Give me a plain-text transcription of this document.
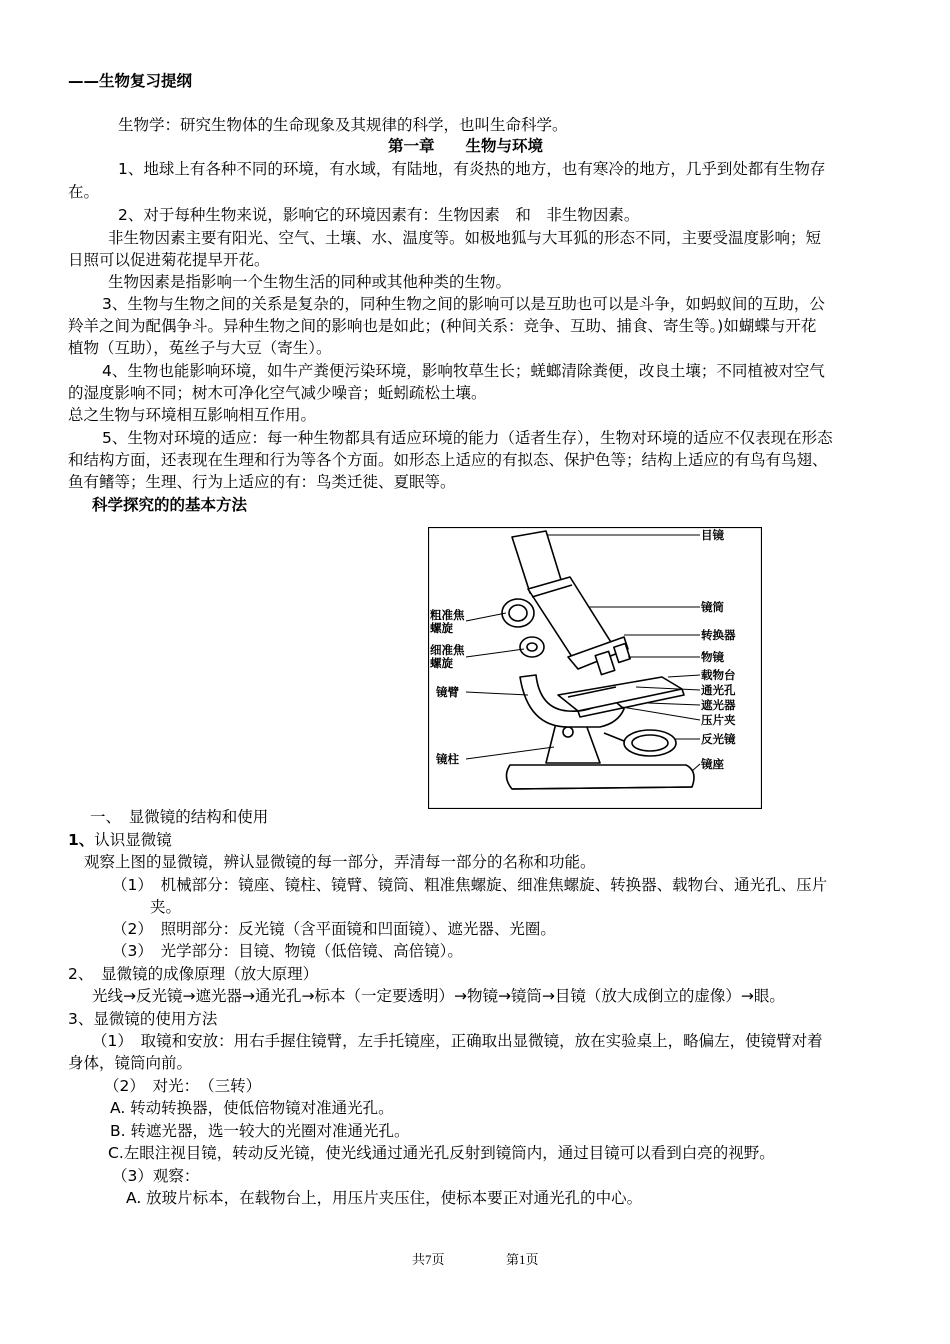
——生物复习提纲
生物学：研究生物体的生命现象及其规律的科学，也叫生命科学。
第一章　　生物与环境
1、地球上有各种不同的环境，有水域，有陆地，有炎热的地方，也有寒冷的地方，几乎到处都有生物存
在。
2、对于每种生物来说，影响它的环境因素有：生物因素　和　非生物因素。
非生物因素主要有阳光、空气、土壤、水、温度等。如极地狐与大耳狐的形态不同，主要受温度影响；短
日照可以促进菊花提早开花。
生物因素是指影响一个生物生活的同种或其他种类的生物。
3、生物与生物之间的关系是复杂的，同种生物之间的影响可以是互助也可以是斗争，如蚂蚁间的互助，公
羚羊之间为配偶争斗。异种生物之间的影响也是如此；(种间关系：竞争、互助、捕食、寄生等。)如蝴蝶与开花
植物（互助），菟丝子与大豆（寄生）。
4、生物也能影响环境，如牛产粪便污染环境，影响牧草生长；蜣螂清除粪便，改良土壤；不同植被对空气
的湿度影响不同；树木可净化空气减少噪音；蚯蚓疏松土壤。
总之生物与环境相互影响相互作用。
5、生物对环境的适应：每一种生物都具有适应环境的能力（适者生存），生物对环境的适应不仅表现在形态
和结构方面，还表现在生理和行为等各个方面。如形态上适应的有拟态、保护色等；结构上适应的有鸟有鸟翅、
鱼有鳍等；生理、行为上适应的有：鸟类迁徙、夏眠等。
科学探究的的基本方法
目镜
镜筒
转换器
物镜
载物台
通光孔
遮光器
压片夹
反光镜
镜座
粗准焦
螺旋
细准焦
螺旋
镜臂
镜柱
一、　显微镜的结构和使用
1、认识显微镜
观察上图的显微镜，辨认显微镜的每一部分，弄清每一部分的名称和功能。
（1）　机械部分：镜座、镜柱、镜臂、镜筒、粗准焦螺旋、细准焦螺旋、转换器、载物台、通光孔、压片
夹。
（2）　照明部分：反光镜（含平面镜和凹面镜）、遮光器、光圈。
（3）　光学部分：目镜、物镜（低倍镜、高倍镜）。
2、　显微镜的成像原理（放大原理）
光线→反光镜→遮光器→通光孔→标本（一定要透明）→物镜→镜筒→目镜（放大成倒立的虚像）→眼。
3、显微镜的使用方法
（1）　取镜和安放：用右手握住镜臂，左手托镜座，正确取出显微镜，放在实验桌上，略偏左，使镜臂对着
身体，镜筒向前。
（2）　对光：　（三转）
A. 转动转换器，使低倍物镜对准通光孔。
B. 转遮光器，选一较大的光圈对准通光孔。
C.左眼注视目镜，转动反光镜，使光线通过通光孔反射到镜筒内，通过目镜可以看到白亮的视野。
（3）观察：
A. 放玻片标本，在载物台上，用压片夹压住，使标本要正对通光孔的中心。
共7页	第1页
